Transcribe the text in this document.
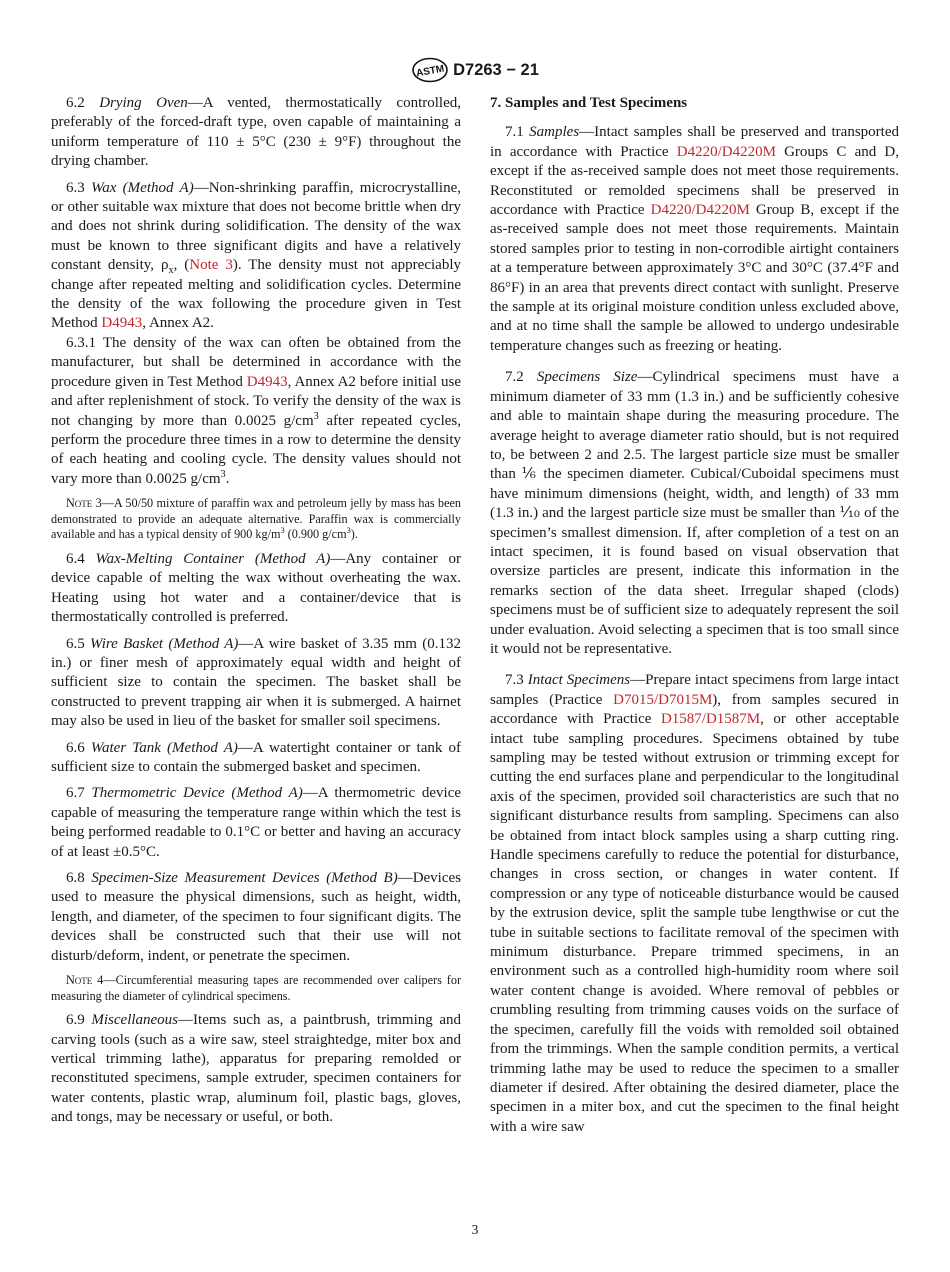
ASTM D7263 − 21

6.2 Drying Oven—A vented, thermostatically controlled, preferably of the forced-draft type, oven capable of maintaining a uniform temperature of 110 ± 5°C (230 ± 9°F) throughout the drying chamber.

6.3 Wax (Method A)—Non-shrinking paraffin, microcrystalline, or other suitable wax mixture that does not become brittle when dry and does not shrink during solidification. The density of the wax must be known to three significant digits and have a relatively constant density, $\rho_x$, (Note 3). The density must not appreciably change after repeated melting and solidification cycles. Determine the density of the wax following the procedure given in Test Method D4943, Annex A2.

6.3.1 The density of the wax can often be obtained from the manufacturer, but shall be determined in accordance with the procedure given in Test Method D4943, Annex A2 before initial use and after replenishment of stock. To verify the density of the wax is not changing by more than 0.0025 $g/cm^3$ after repeated cycles, perform the procedure three times in a row to determine the density of each heating and cooling cycle. The density values should not vary more than 0.0025 $g/cm^3$.

Note 3—A 50/50 mixture of paraffin wax and petroleum jelly by mass has been demonstrated to provide an adequate alternative. Paraffin wax is commercially available and has a typical density of 900 $kg/m^3$ (0.900 $g/cm^3$).

6.4 Wax-Melting Container (Method A)—Any container or device capable of melting the wax without overheating the wax. Heating using hot water and a container/device that is thermostatically controlled is preferred.

6.5 Wire Basket (Method A)—A wire basket of 3.35 mm (0.132 in.) or finer mesh of approximately equal width and height of sufficient size to contain the specimen. The basket shall be constructed to prevent trapping air when it is submerged. A hairnet may also be used in lieu of the basket for smaller soil specimens.

6.6 Water Tank (Method A)—A watertight container or tank of sufficient size to contain the submerged basket and specimen.

6.7 Thermometric Device (Method A)—A thermometric device capable of measuring the temperature range within which the test is being performed readable to 0.1°C or better and having an accuracy of at least ±0.5°C.

6.8 Specimen-Size Measurement Devices (Method B)—Devices used to measure the physical dimensions, such as height, width, length, and diameter, of the specimen to four significant digits. The devices shall be constructed such that their use will not disturb/deform, indent, or penetrate the specimen.

Note 4—Circumferential measuring tapes are recommended over calipers for measuring the diameter of cylindrical specimens.

6.9 Miscellaneous—Items such as, a paintbrush, trimming and carving tools (such as a wire saw, steel straightedge, miter box and vertical trimming lathe), apparatus for preparing remolded or reconstituted specimens, sample extruder, specimen containers for water contents, plastic wrap, aluminum foil, plastic bags, gloves, and tongs, may be necessary or useful, or both.

7. Samples and Test Specimens

7.1 Samples—Intact samples shall be preserved and transported in accordance with Practice D4220/D4220M Groups C and D, except if the as-received sample does not meet those requirements. Reconstituted or remolded specimens shall be preserved in accordance with Practice D4220/D4220M Group B, except if the as-received sample does not meet those requirements. Maintain stored samples prior to testing in non-corrodible airtight containers at a temperature between approximately 3°C and 30°C (37.4°F and 86°F) in an area that prevents direct contact with sunlight. Preserve the sample at its original moisture condition unless excluded above, and at no time shall the sample be allowed to undergo undesirable temperature changes such as freezing or heating.

7.2 Specimens Size—Cylindrical specimens must have a minimum diameter of 33 mm (1.3 in.) and be sufficiently cohesive and able to maintain shape during the measuring procedure. The average height to average diameter ratio should, but is not required to, be between 2 and 2.5. The largest particle size must be smaller than ⅙ the specimen diameter. Cubical/Cuboidal specimens must have minimum dimensions (height, width, and length) of 33 mm (1.3 in.) and the largest particle size must be smaller than ⅒ of the specimen’s smallest dimension. If, after completion of a test on an intact specimen, it is found based on visual observation that oversize particles are present, indicate this information in the remarks section of the data sheet. Irregular shaped (clods) specimens must be of sufficient size to adequately represent the soil under evaluation. Avoid selecting a specimen that is too small since it would not be representative.

7.3 Intact Specimens—Prepare intact specimens from large intact samples (Practice D7015/D7015M), from samples secured in accordance with Practice D1587/D1587M, or other acceptable intact tube sampling procedures. Specimens obtained by tube sampling may be tested without extrusion or trimming except for cutting the end surfaces plane and perpendicular to the longitudinal axis of the specimen, provided soil characteristics are such that no significant disturbance results from sampling. Specimens can also be obtained from intact block samples using a sharp cutting ring. Handle specimens carefully to reduce the potential for disturbance, changes in cross section, or changes in water content. If compression or any type of noticeable disturbance would be caused by the extrusion device, split the sample tube lengthwise or cut the tube in suitable sections to facilitate removal of the specimen with minimum disturbance. Prepare trimmed specimens, in an environment such as a controlled high-humidity room where soil water content change is avoided. Where removal of pebbles or crumbling resulting from trimming causes voids on the surface of the specimen, carefully fill the voids with remolded soil obtained from the trimmings. When the sample condition permits, a vertical trimming lathe may be used to reduce the specimen to a smaller diameter if desired. After obtaining the desired diameter, place the specimen in a miter box, and cut the specimen to the final height with a wire saw

3
